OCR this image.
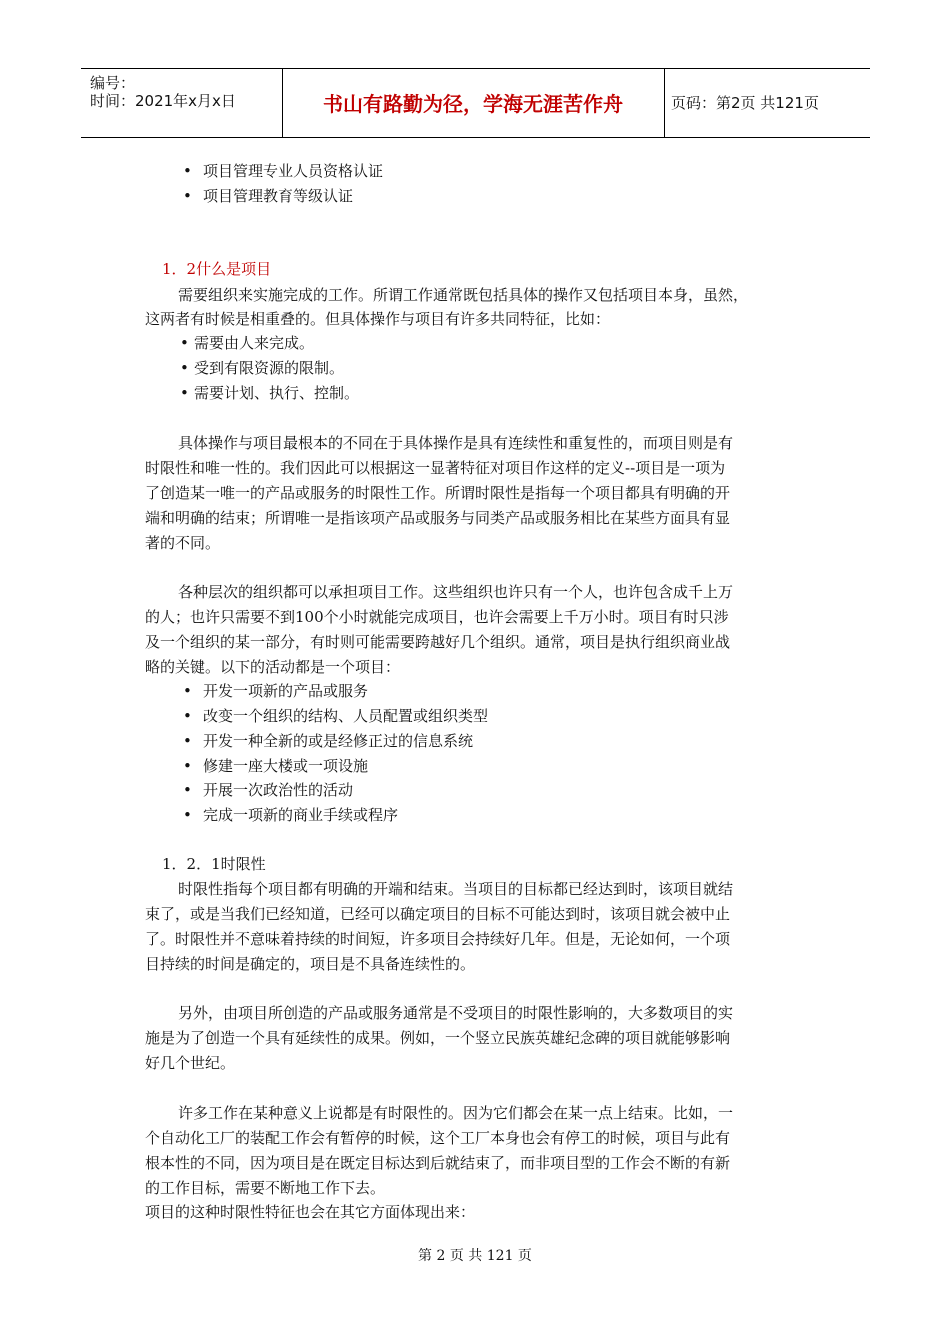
编号：
时间：2021年x月x日	书山有路勤为径，学海无涯苦作舟	页码：第2页 共121页
• 项目管理专业人员资格认证
• 项目管理教育等级认证
1．2什么是项目
需要组织来实施完成的工作。所谓工作通常既包括具体的操作又包括项目本身，虽然，
这两者有时候是相重叠的。但具体操作与项目有许多共同特征，比如：
• 需要由人来完成。
• 受到有限资源的限制。
• 需要计划、执行、控制。
具体操作与项目最根本的不同在于具体操作是具有连续性和重复性的，而项目则是有
时限性和唯一性的。我们因此可以根据这一显著特征对项目作这样的定义--项目是一项为
了创造某一唯一的产品或服务的时限性工作。所谓时限性是指每一个项目都具有明确的开
端和明确的结束；所谓唯一是指该项产品或服务与同类产品或服务相比在某些方面具有显
著的不同。
各种层次的组织都可以承担项目工作。这些组织也许只有一个人，也许包含成千上万
的人；也许只需要不到100个小时就能完成项目，也许会需要上千万小时。项目有时只涉
及一个组织的某一部分，有时则可能需要跨越好几个组织。通常，项目是执行组织商业战
略的关键。以下的活动都是一个项目：
• 开发一项新的产品或服务
• 改变一个组织的结构、人员配置或组织类型
• 开发一种全新的或是经修正过的信息系统
• 修建一座大楼或一项设施
• 开展一次政治性的活动
• 完成一项新的商业手续或程序
1．2．1时限性
时限性指每个项目都有明确的开端和结束。当项目的目标都已经达到时，该项目就结
束了，或是当我们已经知道，已经可以确定项目的目标不可能达到时，该项目就会被中止
了。时限性并不意味着持续的时间短，许多项目会持续好几年。但是，无论如何，一个项
目持续的时间是确定的，项目是不具备连续性的。
另外，由项目所创造的产品或服务通常是不受项目的时限性影响的，大多数项目的实
施是为了创造一个具有延续性的成果。例如，一个竖立民族英雄纪念碑的项目就能够影响
好几个世纪。
许多工作在某种意义上说都是有时限性的。因为它们都会在某一点上结束。比如，一
个自动化工厂的装配工作会有暂停的时候，这个工厂本身也会有停工的时候，项目与此有
根本性的不同，因为项目是在既定目标达到后就结束了，而非项目型的工作会不断的有新
的工作目标，需要不断地工作下去。
项目的这种时限性特征也会在其它方面体现出来：
第 2 页 共 121 页
